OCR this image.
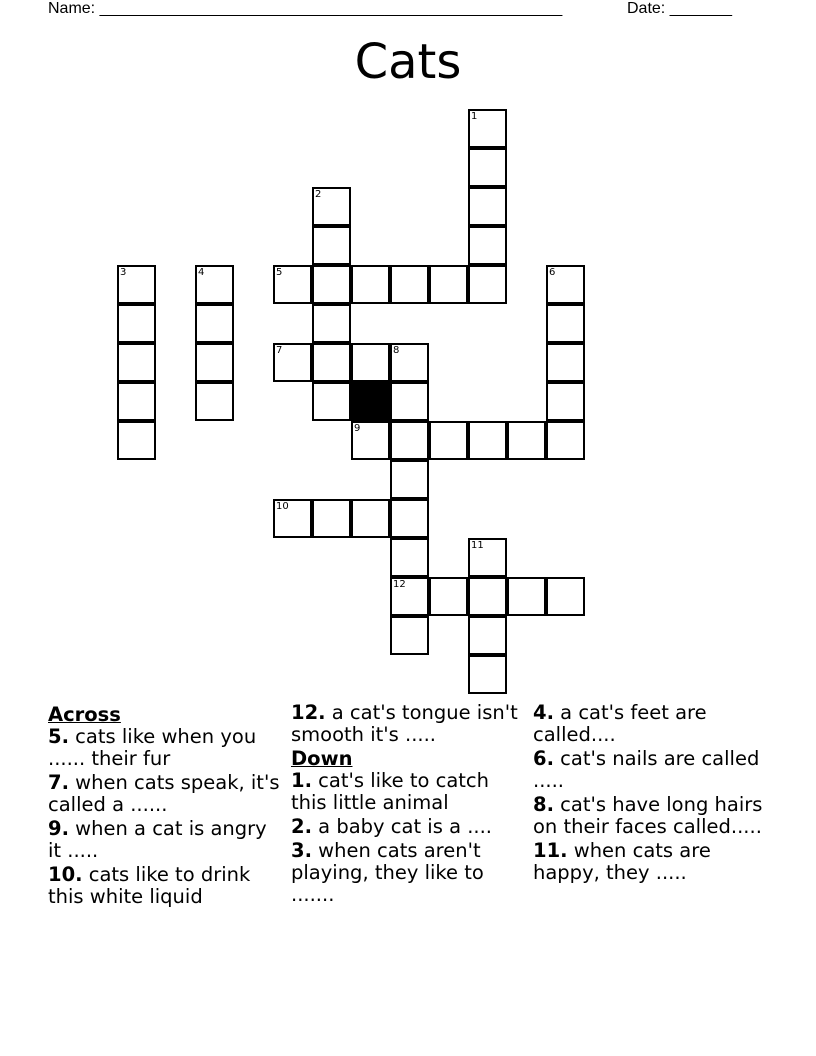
Name: ____________________________________________________	Date: _______
Cats
1
2
3	4	5	6
7	8
12
9
10
11
Across
5. cats like when you ...... their fur
7. when cats speak, it's called a ......
9. when a cat is angry it .....
10. cats like to drink this white liquid
12. a cat's tongue isn't smooth it's .....
Down
1. cat's like to catch this little animal
2. a baby cat is a ....
3. when cats aren't playing, they like to .......
4. a cat's feet are called....
6. cat's nails are called .....
8. cat's have long hairs on their faces called.....
11. when cats are happy, they .....
